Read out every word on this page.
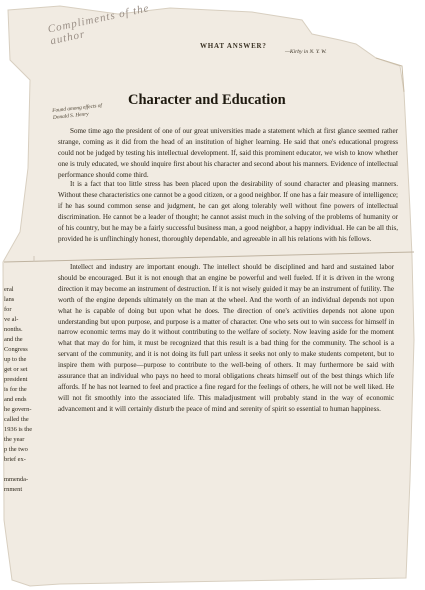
Compliments of the author	WHAT ANSWER?
—Kirby in N. Y. W.
Found among effects of
Donald S. Henry
Character and Education

Some time ago the president of one of our great universities made a statement which at first glance seemed rather strange, coming as it did from the head of an institution of higher learning. He said that one's educational progress could not be judged by testing his intellectual development. If, said this prominent educator, we wish to know whether one is truly educated, we should inquire first about his character and second about his manners. Evidence of intellectual performance should come third.

It is a fact that too little stress has been placed upon the desirability of sound character and pleasing manners. Without these characteristics one cannot be a good citizen, or a good neighbor. If one has a fair measure of intelligence; if he has sound common sense and judgment, he can get along tolerably well without fine powers of intellectual discrimination. He cannot be a leader of thought; he cannot assist much in the solving of the problems of humanity or of his country, but he may be a fairly successful business man, a good neighbor, a happy individual. He can be all this, provided he is unflinchingly honest, thoroughly dependable, and agreeable in all his relations with his fellows.

Intellect and industry are important enough. The intellect should be disciplined and hard and sustained labor should be encouraged. But it is not enough that an engine be powerful and well fueled. If it is driven in the wrong direction it may become an instrument of destruction. If it is not wisely guided it may be an instrument of futility. The worth of the engine depends ultimately on the man at the wheel. And the worth of an individual depends not upon what he is capable of doing but upon what he does. The direction of one's activities depends not alone upon understanding but upon purpose, and purpose is a matter of character. One who sets out to win success for himself in narrow economic terms may do it without contributing to the welfare of society. Now leaving aside for the moment what that may do for him, it must be recognized that this result is a bad thing for the community. The school is a servant of the community, and it is not doing its full part unless it seeks not only to make students competent, but to inspire them with purpose—purpose to contribute to the well-being of others. It may furthermore be said with assurance that an individual who pays no heed to moral obligations cheats himself out of the best things which life affords. If he has not learned to feel and practice a fine regard for the feelings of others, he will not be well liked. He will not fit smoothly into the associated life. This maladjustment will probably stand in the way of economic advancement and it will certainly disturb the peace of mind and serenity of spirit so essential to human happiness.

eral
lans
for
ve al-
nonths.
and the
Congress
up to the
get or set
president
is for the
and ends
he govern-
called the
1936 is the
the year
p the two
brief ex-
mmenda-
rnment
